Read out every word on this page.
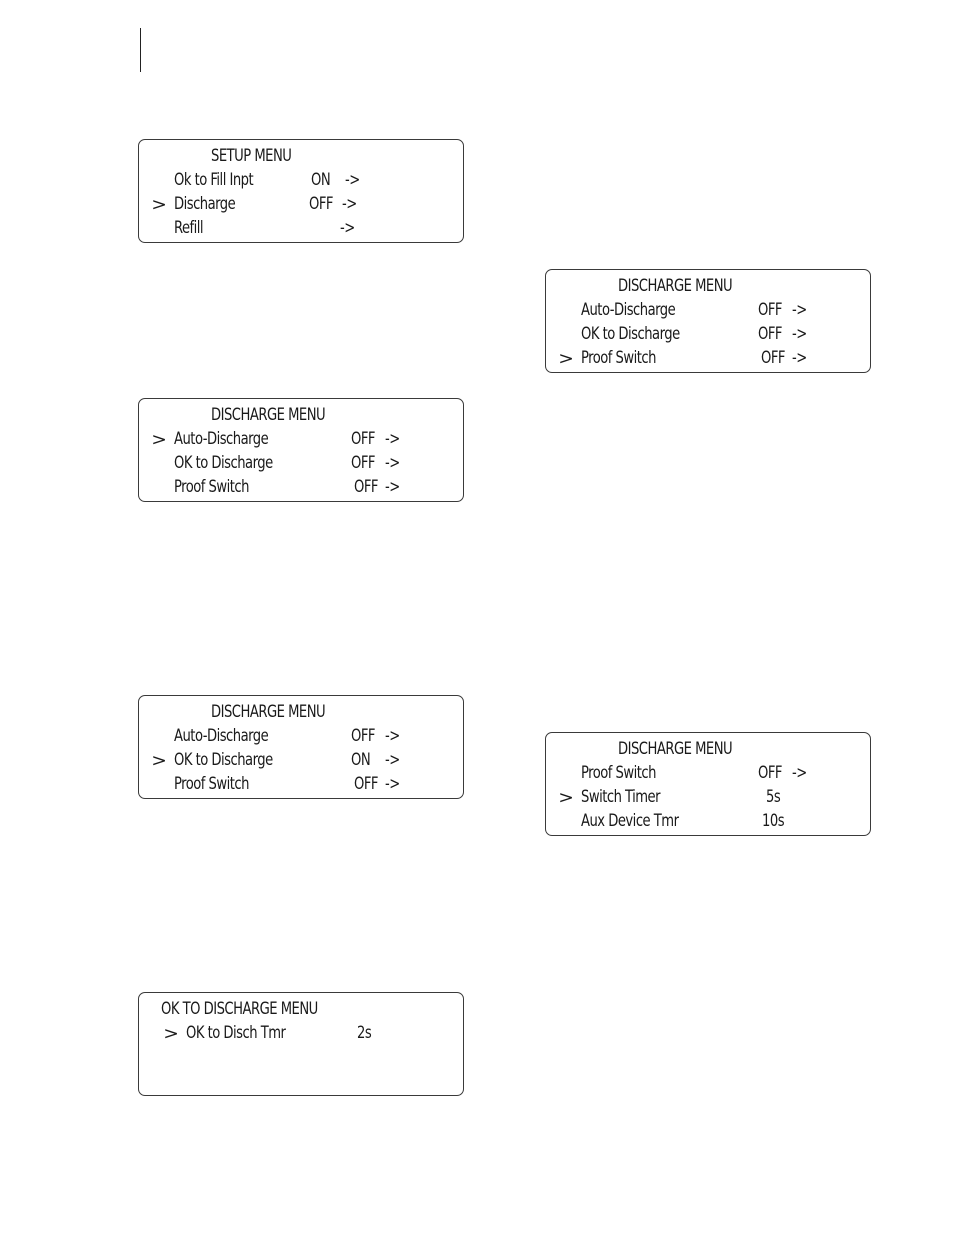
SETUP MENU
Ok to Fill Inpt	ON ->
> Discharge	OFF ->
Refill	->
DISCHARGE MENU
> Auto-Discharge	OFF ->
OK to Discharge	OFF ->
Proof Switch	OFF ->
DISCHARGE MENU
Auto-Discharge	OFF ->
> OK to Discharge	ON ->
Proof Switch	OFF ->
OK TO DISCHARGE MENU
> OK to Disch Tmr	2s
DISCHARGE MENU
Auto-Discharge	OFF ->
OK to Discharge	OFF ->
> Proof Switch	OFF ->
DISCHARGE MENU
Proof Switch	OFF ->
> Switch Timer	5s
Aux Device Tmr	10s
